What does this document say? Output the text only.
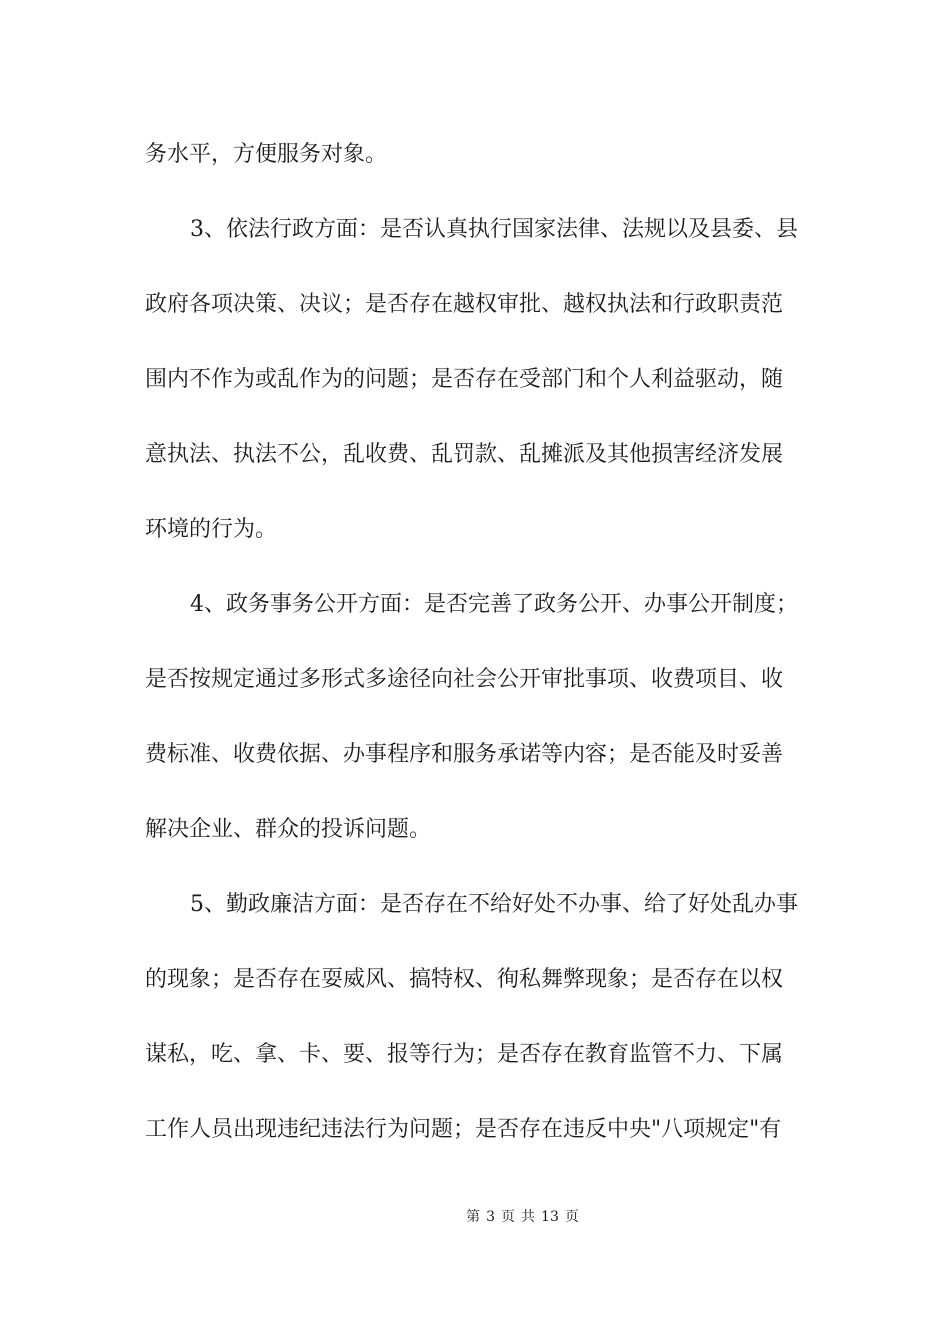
务水平，方便服务对象。
3、依法行政方面：是否认真执行国家法律、法规以及县委、县
政府各项决策、决议；是否存在越权审批、越权执法和行政职责范
围内不作为或乱作为的问题；是否存在受部门和个人利益驱动，随
意执法、执法不公，乱收费、乱罚款、乱摊派及其他损害经济发展
环境的行为。
4、政务事务公开方面：是否完善了政务公开、办事公开制度；
是否按规定通过多形式多途径向社会公开审批事项、收费项目、收
费标准、收费依据、办事程序和服务承诺等内容；是否能及时妥善
解决企业、群众的投诉问题。
5、勤政廉洁方面：是否存在不给好处不办事、给了好处乱办事
的现象；是否存在耍威风、搞特权、徇私舞弊现象；是否存在以权
谋私，吃、拿、卡、要、报等行为；是否存在教育监管不力、下属
工作人员出现违纪违法行为问题；是否存在违反中央"八项规定"有
第 3 页 共 13 页
